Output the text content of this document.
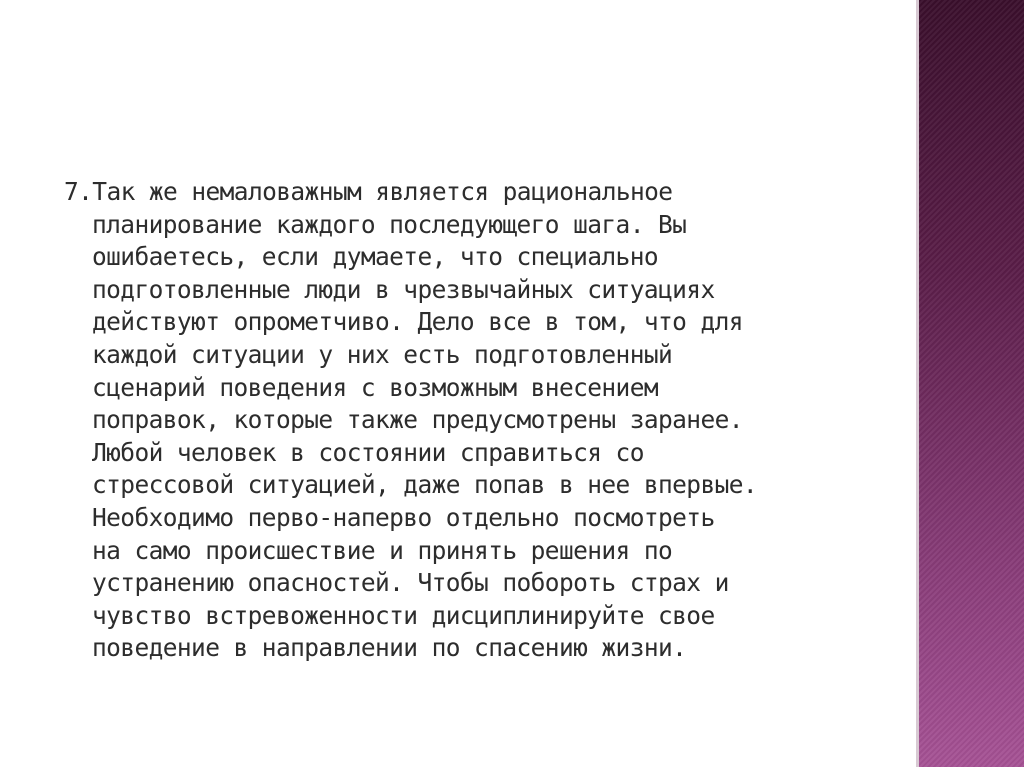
7.Так же немаловажным является рациональное
планирование каждого последующего шага. Вы
ошибаетесь, если думаете, что специально
подготовленные люди в чрезвычайных ситуациях
действуют опрометчиво. Дело все в том, что для
каждой ситуации у них есть подготовленный
сценарий поведения с возможным внесением
поправок, которые также предусмотрены заранее.
Любой человек в состоянии справиться со
стрессовой ситуацией, даже попав в нее впервые.
Необходимо перво-наперво отдельно посмотреть
на само происшествие и принять решения по
устранению опасностей. Чтобы побороть страх и
чувство встревоженности дисциплинируйте свое
поведение в направлении по спасению жизни.
